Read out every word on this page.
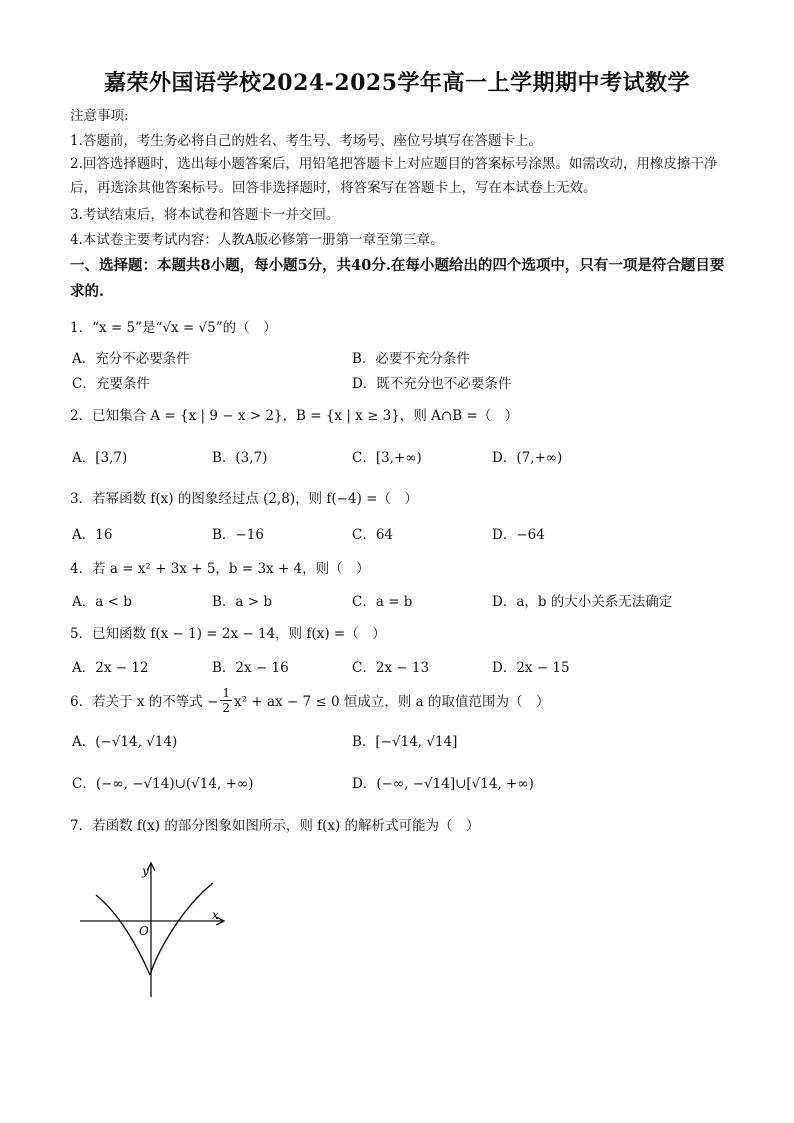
嘉荣外国语学校2024-2025学年高一上学期期中考试数学
注意事项:
1.答题前，考生务必将自己的姓名、考生号、考场号、座位号填写在答题卡上。
2.回答选择题时，选出每小题答案后，用铅笔把答题卡上对应题目的答案标号涂黑。如需改动，用橡皮擦干净后，再选涂其他答案标号。回答非选择题时，将答案写在答题卡上，写在本试卷上无效。
3.考试结束后，将本试卷和答题卡一并交回。
4.本试卷主要考试内容：人教A版必修第一册第一章至第三章。
一、选择题：本题共8小题，每小题5分，共40分.在每小题给出的四个选项中，只有一项是符合题目要求的.
1．“x = 5”是“√x = √5”的（　）
A．充分不必要条件	B．必要不充分条件
C．充要条件	D．既不充分也不必要条件
2．已知集合 A = {x | 9 − x > 2}，B = {x | x ≥ 3}，则 A∩B =（　）
A．[3,7)	B．(3,7)	C．[3,+∞)	D．(7,+∞)
3．若幂函数 f(x) 的图象经过点 (2,8)，则 f(−4) =（　）
A．16	B．−16	C．64	D．−64
4．若 a = x² + 3x + 5，b = 3x + 4，则（　）
A．a < b	B．a > b	C．a = b	D．a，b 的大小关系无法确定
5．已知函数 f(x − 1) = 2x − 14，则 f(x) =（　）
A．2x − 12	B．2x − 16	C．2x − 13	D．2x − 15
6．若关于 x 的不等式 − $\frac{1}{2} x^2$ + ax − 7 ≤ 0 恒成立，则 a 的取值范围为（　）
A．(−√14, √14)	B．[−√14, √14]
C．(−∞, −√14)∪(√14, +∞)	D．(−∞, −√14]∪[√14, +∞)
7．若函数 f(x) 的部分图象如图所示，则 f(x) 的解析式可能为（　）
y
x
O
